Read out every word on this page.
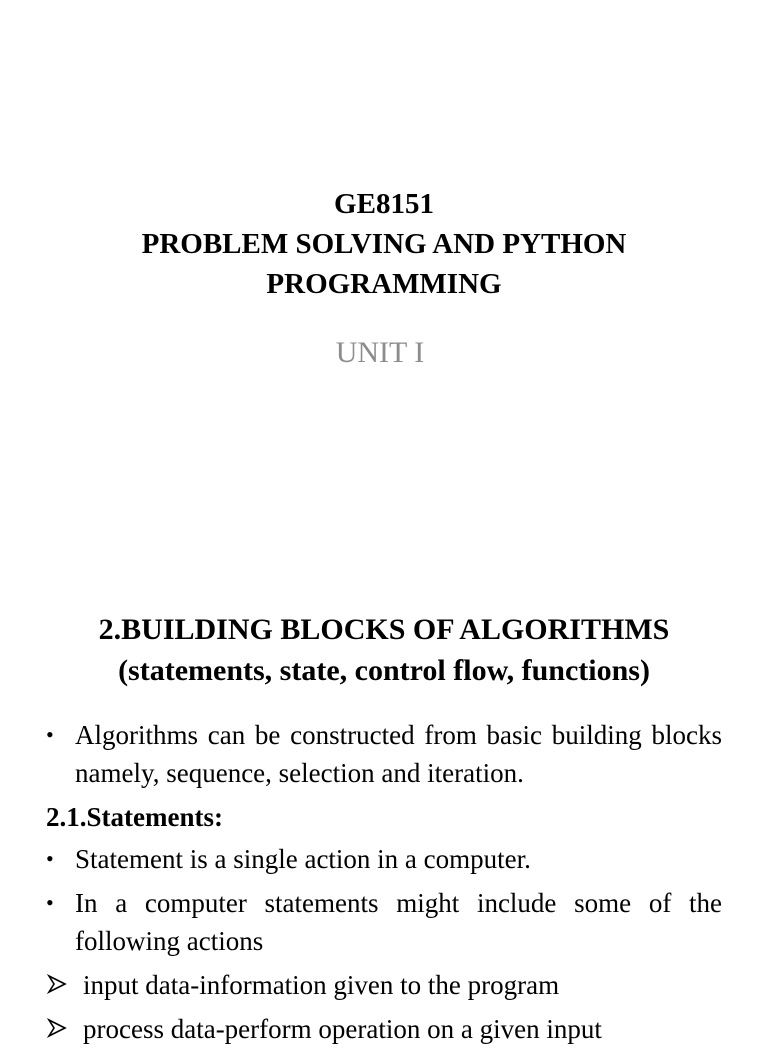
GE8151
PROBLEM SOLVING AND PYTHON
PROGRAMMING
UNIT I
2.BUILDING BLOCKS OF ALGORITHMS
(statements, state, control flow, functions)
• Algorithms can be constructed from basic building blocks namely, sequence, selection and iteration.
2.1.Statements:
• Statement is a single action in a computer.
• In a computer statements might include some of the following actions
input data-information given to the program
process data-perform operation on a given input
